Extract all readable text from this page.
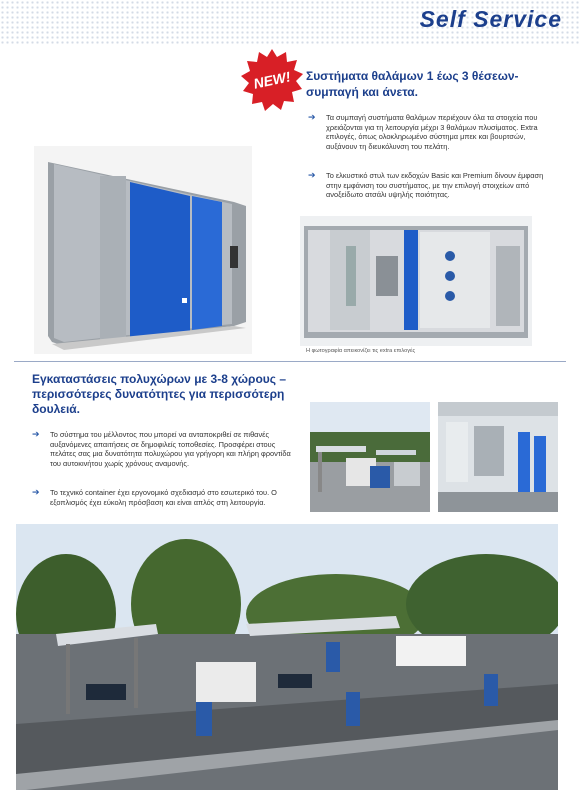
Self Service
NEW! Συστήματα θαλάμων 1 έως 3 θέσεων- συμπαγή και άνετα.
➔ Τα συμπαγή συστήματα θαλάμων περιέχουν όλα τα στοιχεία που χρειάζονται για τη λειτουργία μέχρι 3 θαλάμων πλυσίματος. Extra επιλογές, όπως ολοκληρωμένο σύστημα μπεκ και βουρτσών, αυξάνουν τη διευκόλυνση του πελάτη.
➔ Το ελκυστικό στυλ των εκδοχών Basic και Premium δίνουν έμφαση στην εμφάνιση του συστήματος, με την επιλογή στοιχείων από ανοξείδωτο ατσάλι υψηλής ποιότητας.
Η φωτογραφία απεικονίζει τις extra επιλογές
Εγκαταστάσεις πολυχώρων με 3-8 χώρους – περισσότερες δυνατότητες για περισσότερη δουλειά.
➔ Το σύστημα του μέλλοντος που μπορεί να ανταποκριθεί σε πιθανές αυξανόμενες απαιτήσεις σε δημοφιλείς τοποθεσίες. Προσφέρει στους πελάτες σας μια δυνατότητα πολυχώρου για γρήγορη και πλήρη φροντίδα του αυτοκινήτου χωρίς χρόνους αναμονής.
➔ Το τεχνικό container έχει εργονομικό σχεδιασμό στο εσωτερικό του. Ο εξοπλισμός έχει εύκολη πρόσβαση και είναι απλός στη λειτουργία.
